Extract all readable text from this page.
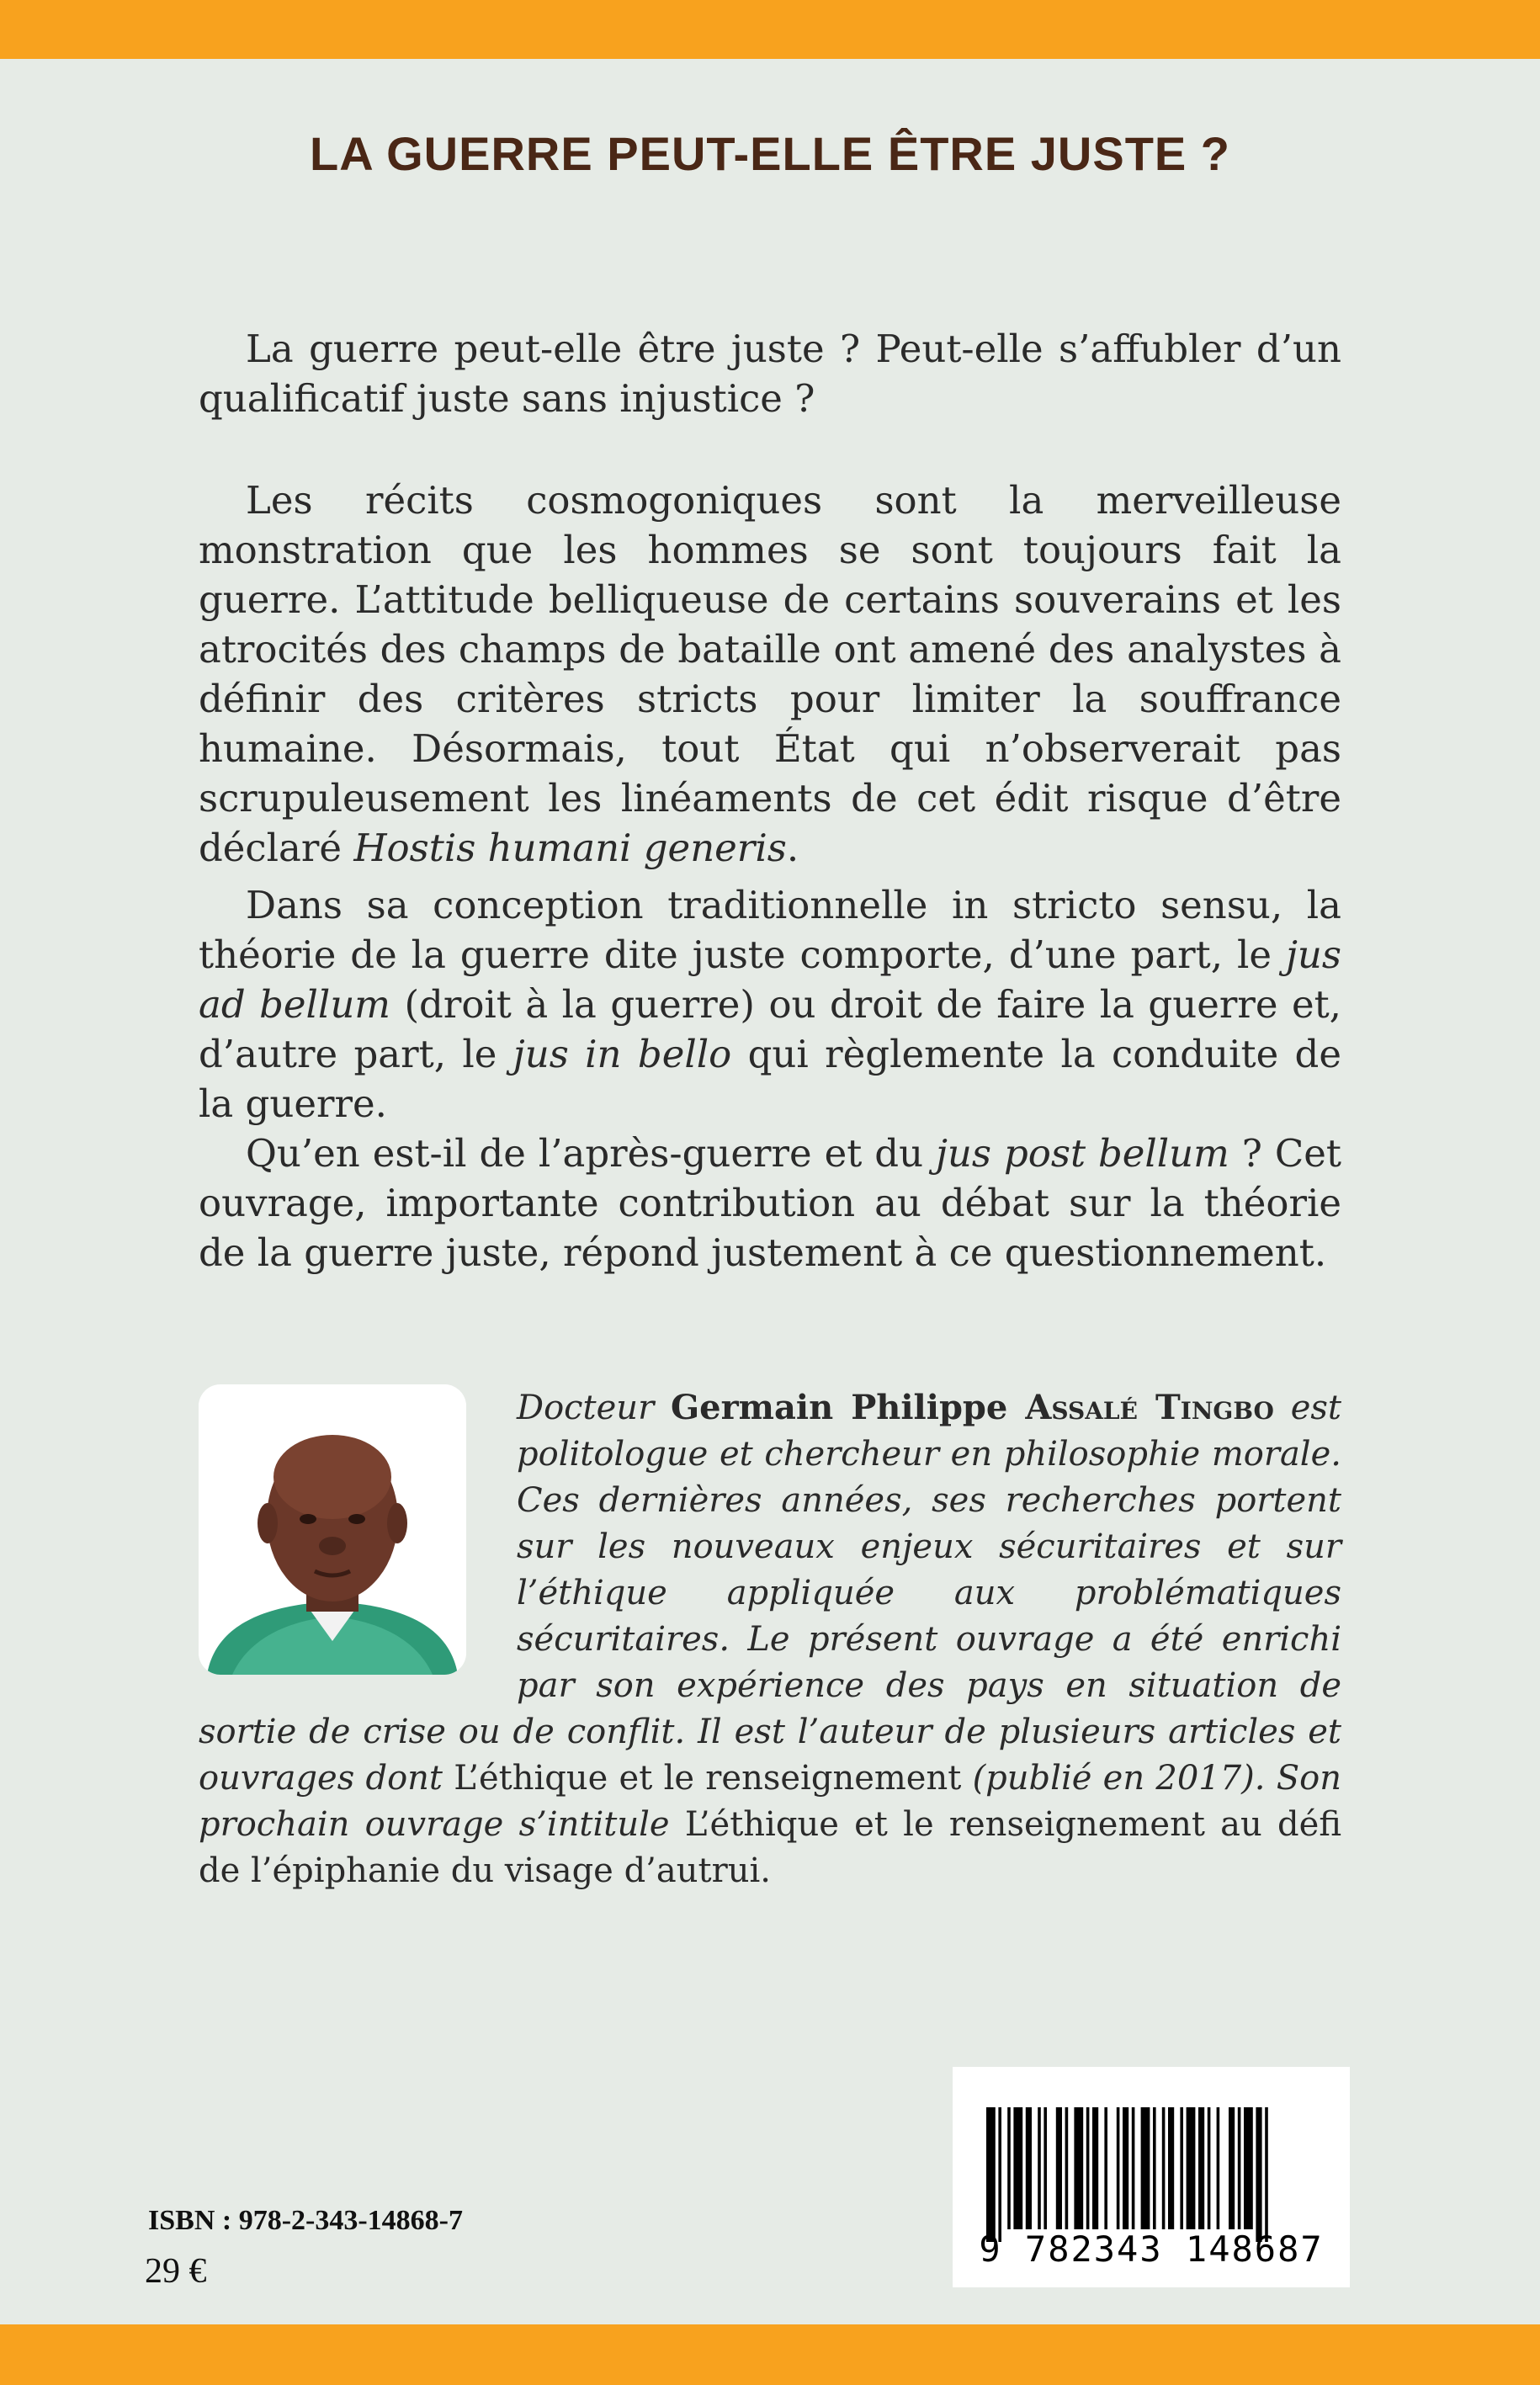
LA GUERRE PEUT-ELLE ÊTRE JUSTE ?

La guerre peut-elle être juste ? Peut-elle s’affubler d’un qualificatif juste sans injustice ?

Les récits cosmogoniques sont la merveilleuse monstration que les hommes se sont toujours fait la guerre. L’attitude belliqueuse de certains souverains et les atrocités des champs de bataille ont amené des analystes à définir des critères stricts pour limiter la souffrance humaine. Désormais, tout État qui n’observerait pas scrupuleusement les linéaments de cet édit risque d’être déclaré Hostis humani generis.

Dans sa conception traditionnelle in stricto sensu, la théorie de la guerre dite juste comporte, d’une part, le jus ad bellum (droit à la guerre) ou droit de faire la guerre et, d’autre part, le jus in bello qui règlemente la conduite de la guerre.

Qu’en est-il de l’après-guerre et du jus post bellum ? Cet ouvrage, importante contribution au débat sur la théorie de la guerre juste, répond justement à ce questionnement.

Docteur Germain Philippe Assalé Tingbo est politologue et chercheur en philosophie morale. Ces dernières années, ses recherches portent sur les nouveaux enjeux sécuritaires et sur l’éthique appliquée aux problématiques sécuritaires. Le présent ouvrage a été enrichi par son expérience des pays en situation de sortie de crise ou de conflit. Il est l’auteur de plusieurs articles et ouvrages dont L’éthique et le renseignement (publié en 2017). Son prochain ouvrage s’intitule L’éthique et le renseignement au défi de l’épiphanie du visage d’autrui.

ISBN : 978-2-343-14868-7
29 €
9 782343 148687
